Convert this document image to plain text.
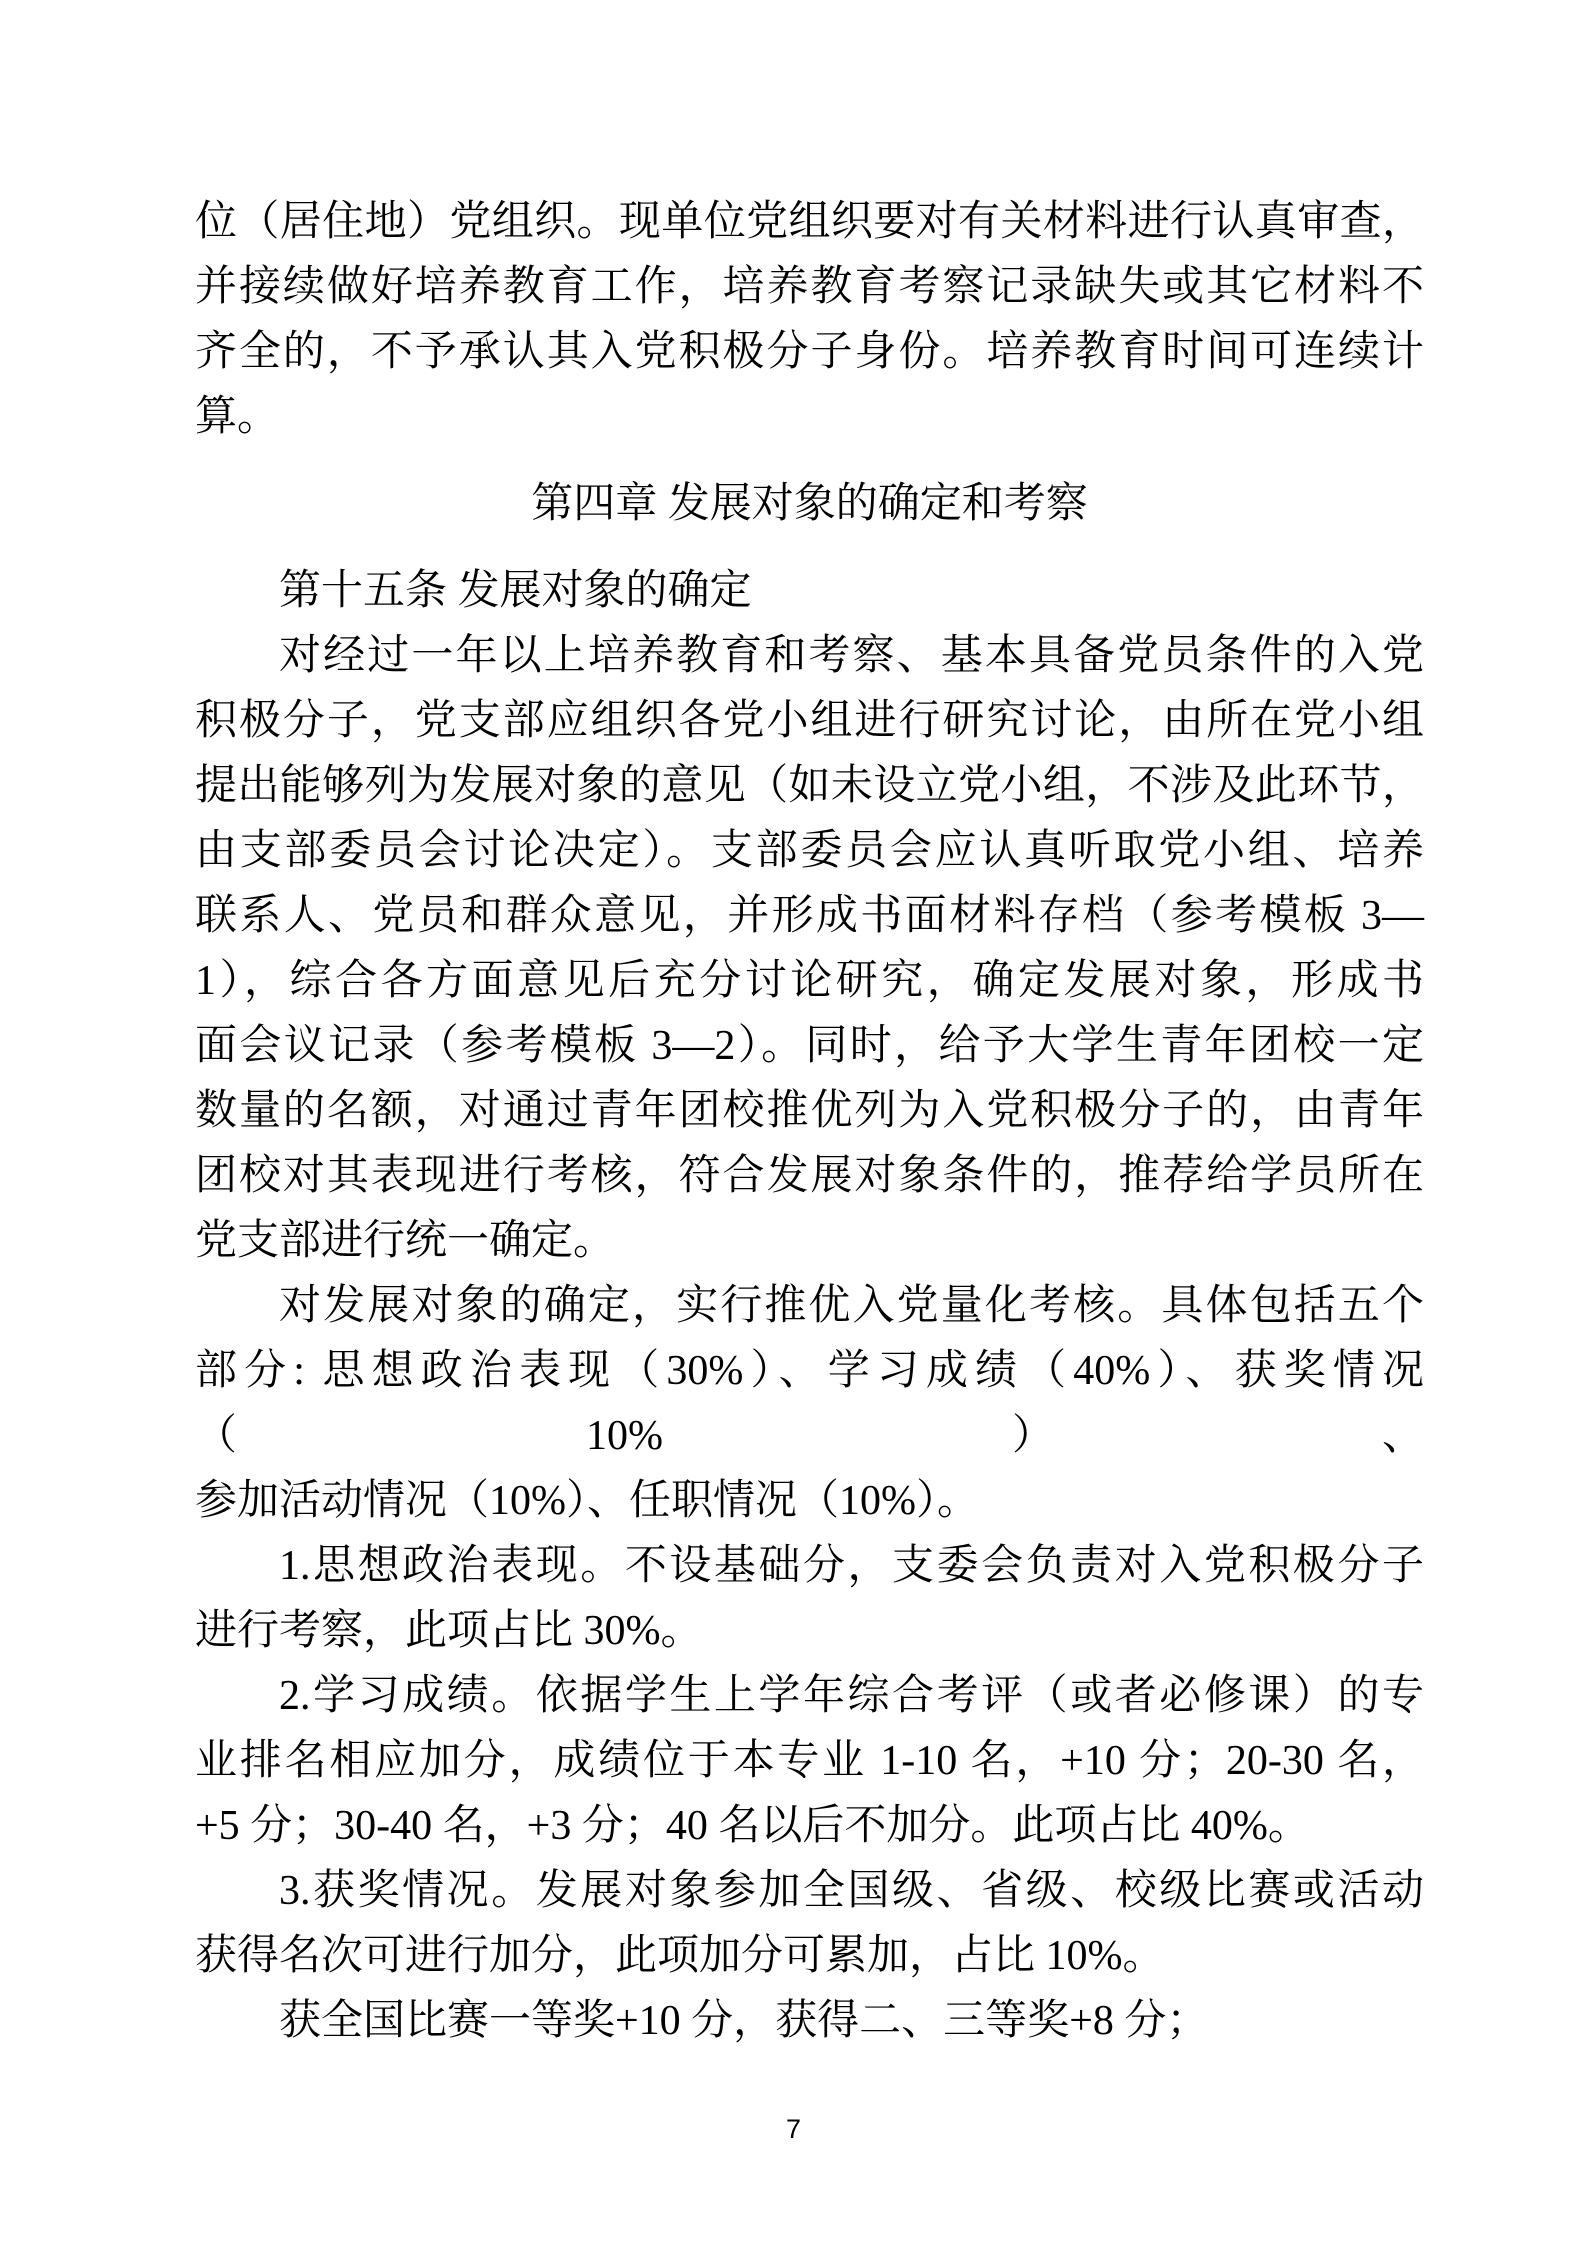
位（居住地）党组织。现单位党组织要对有关材料进行认真审查，
并接续做好培养教育工作，培养教育考察记录缺失或其它材料不
齐全的，不予承认其入党积极分子身份。培养教育时间可连续计
算。
第四章 发展对象的确定和考察
第十五条 发展对象的确定
对经过一年以上培养教育和考察、基本具备党员条件的入党
积极分子，党支部应组织各党小组进行研究讨论，由所在党小组
提出能够列为发展对象的意见（如未设立党小组，不涉及此环节，
由支部委员会讨论决定）。支部委员会应认真听取党小组、培养
联系人、党员和群众意见，并形成书面材料存档（参考模板 3—
1），综合各方面意见后充分讨论研究，确定发展对象，形成书
面会议记录（参考模板 3—2）。同时，给予大学生青年团校一定
数量的名额，对通过青年团校推优列为入党积极分子的，由青年
团校对其表现进行考核，符合发展对象条件的，推荐给学员所在
党支部进行统一确定。
对发展对象的确定，实行推优入党量化考核。具体包括五个
部分: 思想政治表现（30%）、学习成绩（40%）、获奖情况（10%）、
参加活动情况（10%）、任职情况（10%）。
1.思想政治表现。不设基础分，支委会负责对入党积极分子
进行考察，此项占比 30%。
2.学习成绩。依据学生上学年综合考评（或者必修课）的专
业排名相应加分，成绩位于本专业 1-10 名，+10 分；20-30 名，
+5 分；30-40 名，+3 分；40 名以后不加分。此项占比 40%。
3.获奖情况。发展对象参加全国级、省级、校级比赛或活动
获得名次可进行加分，此项加分可累加，占比 10%。
获全国比赛一等奖+10 分，获得二、三等奖+8 分；
7
